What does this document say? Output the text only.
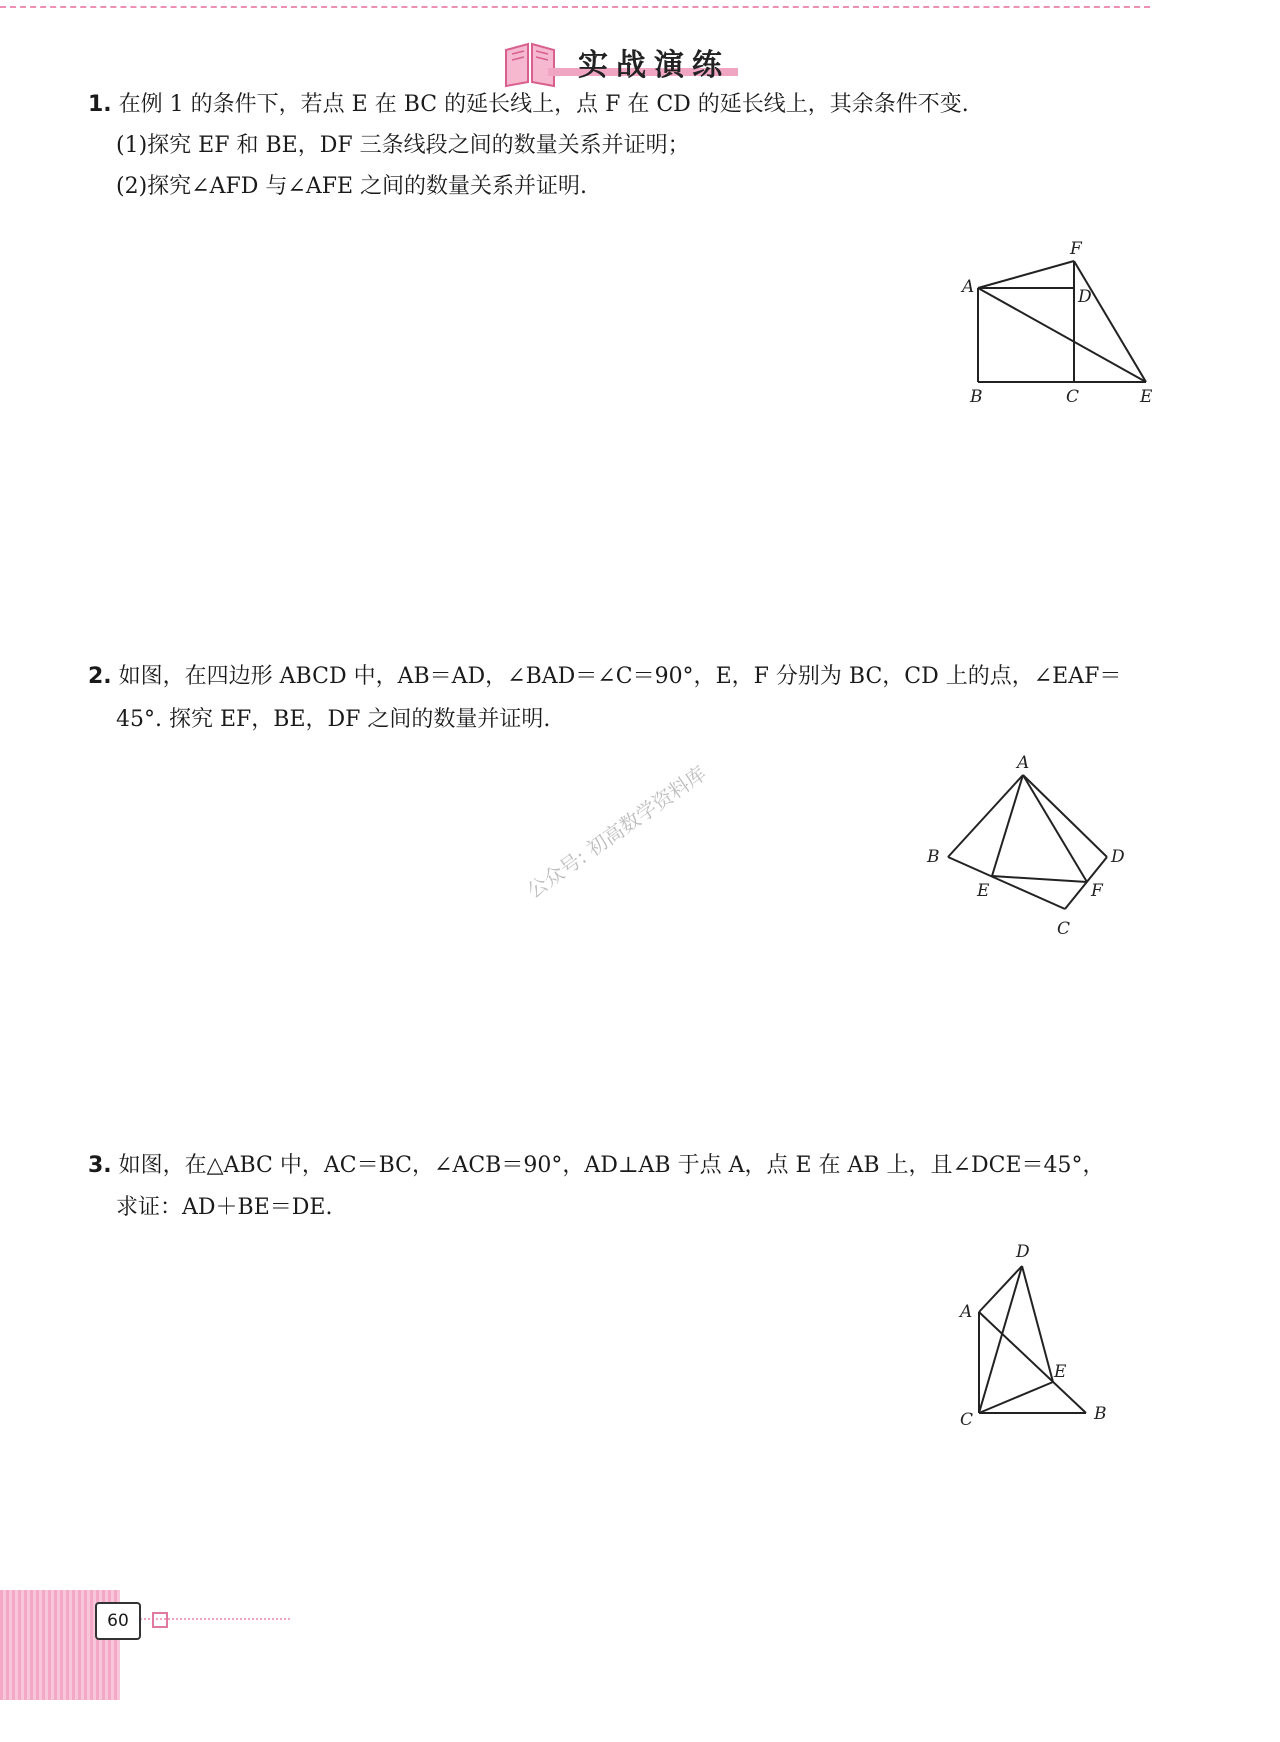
实战演练
1. 在例 1 的条件下，若点 E 在 BC 的延长线上，点 F 在 CD 的延长线上，其余条件不变.
(1)探究 EF 和 BE，DF 三条线段之间的数量关系并证明；
(2)探究∠AFD 与∠AFE 之间的数量关系并证明.
A
B	C
D
E
F
2. 如图，在四边形 ABCD 中，AB＝AD，∠BAD＝∠C＝90°，E，F 分别为 BC，CD 上的点，∠EAF＝
45°. 探究 EF，BE，DF 之间的数量并证明.
A
B
C
D
E	F
公众号: 初高数学资料库
3. 如图，在△ABC 中，AC＝BC，∠ACB＝90°，AD⊥AB 于点 A，点 E 在 AB 上，且∠DCE＝45°，
求证：AD＋BE＝DE.
A
B
C
D
E
60
